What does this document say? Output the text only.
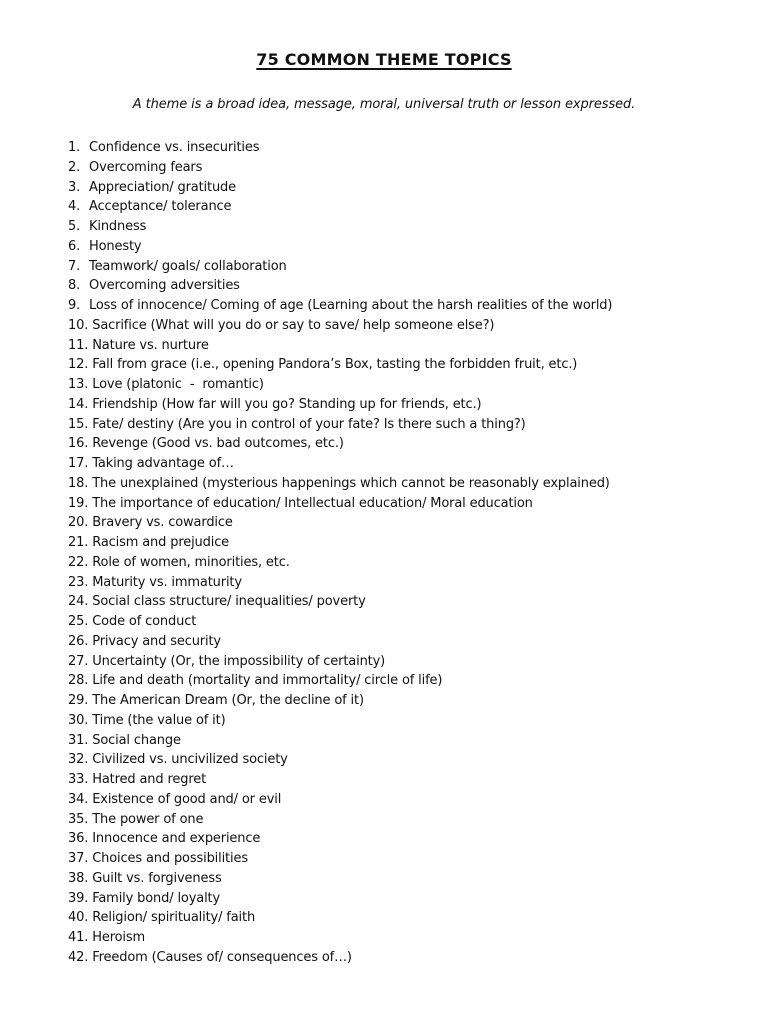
75 COMMON THEME TOPICS
A theme is a broad idea, message, moral, universal truth or lesson expressed.
1. Confidence vs. insecurities
2. Overcoming fears
3. Appreciation/ gratitude
4. Acceptance/ tolerance
5. Kindness
6. Honesty
7. Teamwork/ goals/ collaboration
8. Overcoming adversities
9. Loss of innocence/ Coming of age (Learning about the harsh realities of the world)
10. Sacrifice (What will you do or say to save/ help someone else?)
11. Nature vs. nurture
12. Fall from grace (i.e., opening Pandora’s Box, tasting the forbidden fruit, etc.)
13. Love (platonic  -  romantic)
14. Friendship (How far will you go? Standing up for friends, etc.)
15. Fate/ destiny (Are you in control of your fate? Is there such a thing?)
16. Revenge (Good vs. bad outcomes, etc.)
17. Taking advantage of…
18. The unexplained (mysterious happenings which cannot be reasonably explained)
19. The importance of education/ Intellectual education/ Moral education
20. Bravery vs. cowardice
21. Racism and prejudice
22. Role of women, minorities, etc.
23. Maturity vs. immaturity
24. Social class structure/ inequalities/ poverty
25. Code of conduct
26. Privacy and security
27. Uncertainty (Or, the impossibility of certainty)
28. Life and death (mortality and immortality/ circle of life)
29. The American Dream (Or, the decline of it)
30. Time (the value of it)
31. Social change
32. Civilized vs. uncivilized society
33. Hatred and regret
34. Existence of good and/ or evil
35. The power of one
36. Innocence and experience
37. Choices and possibilities
38. Guilt vs. forgiveness
39. Family bond/ loyalty
40. Religion/ spirituality/ faith
41. Heroism
42. Freedom (Causes of/ consequences of…)
